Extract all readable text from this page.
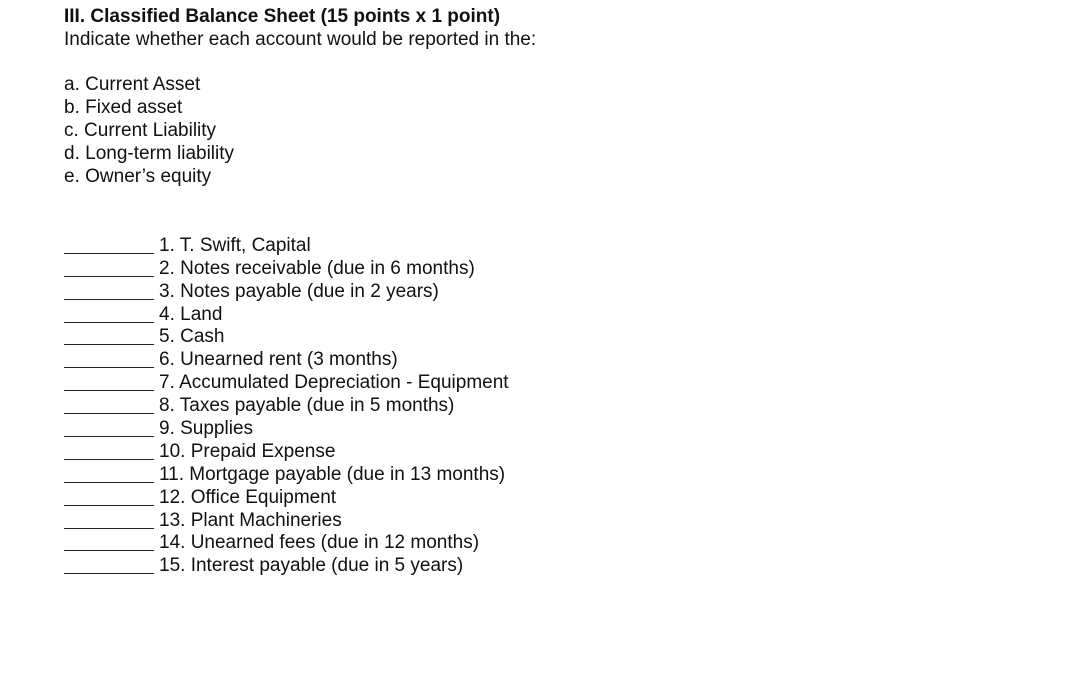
III. Classified Balance Sheet (15 points x 1 point)
Indicate whether each account would be reported in the:
a. Current Asset
b. Fixed asset
c. Current Liability
d. Long-term liability
e. Owner’s equity
1. T. Swift, Capital
2. Notes receivable (due in 6 months)
3. Notes payable (due in 2 years)
4. Land
5. Cash
6. Unearned rent (3 months)
7. Accumulated Depreciation - Equipment
8. Taxes payable (due in 5 months)
9. Supplies
10. Prepaid Expense
11. Mortgage payable (due in 13 months)
12. Office Equipment
13. Plant Machineries
14. Unearned fees (due in 12 months)
15. Interest payable (due in 5 years)
